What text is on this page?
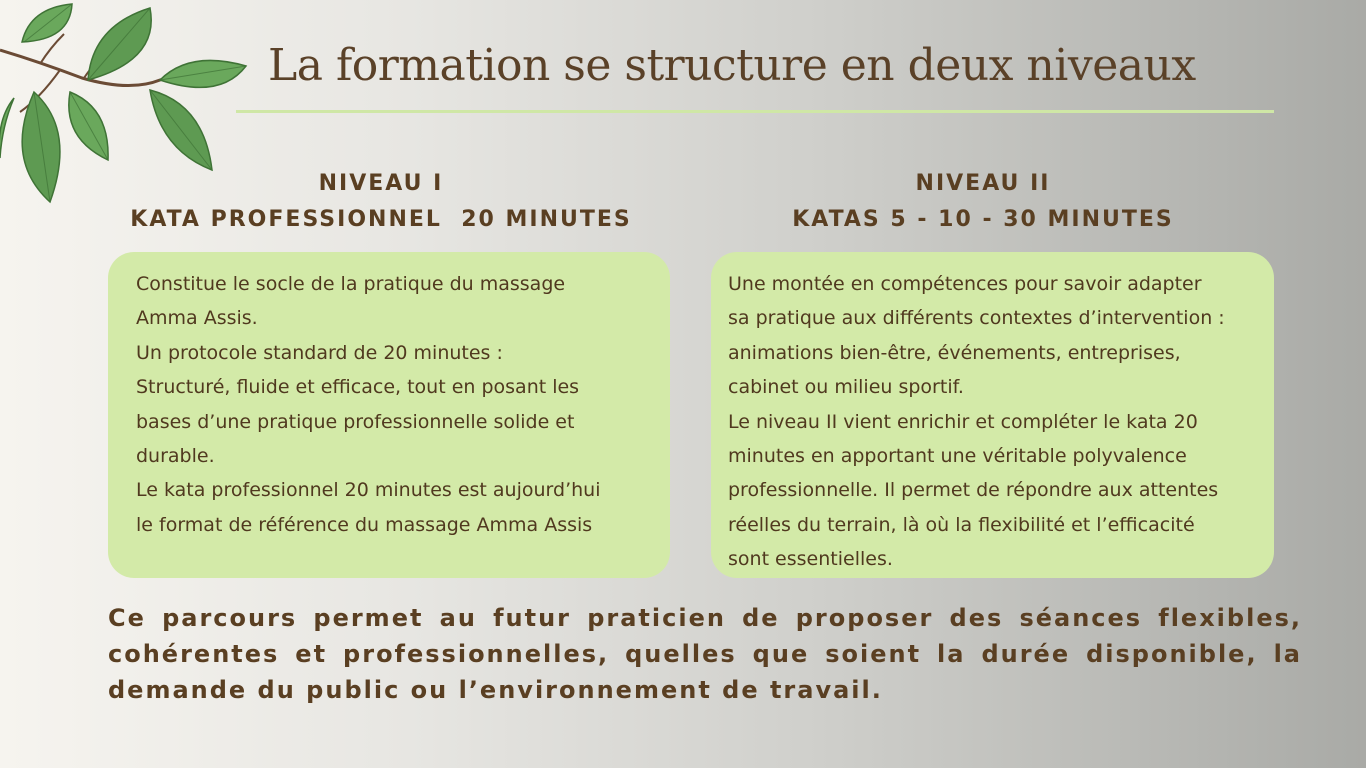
La formation se structure en deux niveaux
NIVEAU I
KATA PROFESSIONNEL  20 MINUTES
NIVEAU II
KATAS 5 - 10 - 30 MINUTES

Constitue le socle de la pratique du massage

Amma Assis.

Un protocole standard de 20 minutes :

Structuré, fluide et efficace, tout en posant les

bases d’une pratique professionnelle solide et

durable.

Le kata professionnel 20 minutes est aujourd’hui

le format de référence du massage Amma Assis

Une montée en compétences pour savoir adapter

sa pratique aux différents contextes d’intervention :

animations bien-être, événements, entreprises,

cabinet ou milieu sportif.

Le niveau II vient enrichir et compléter le kata 20

minutes en apportant une véritable polyvalence

professionnelle. Il permet de répondre aux attentes

réelles du terrain, là où la flexibilité et l’efficacité

sont essentielles.

Ce parcours permet au futur praticien de proposer des séances flexibles, cohérentes et professionnelles, quelles que soient la durée disponible, la demande du public ou l’environnement de travail.
